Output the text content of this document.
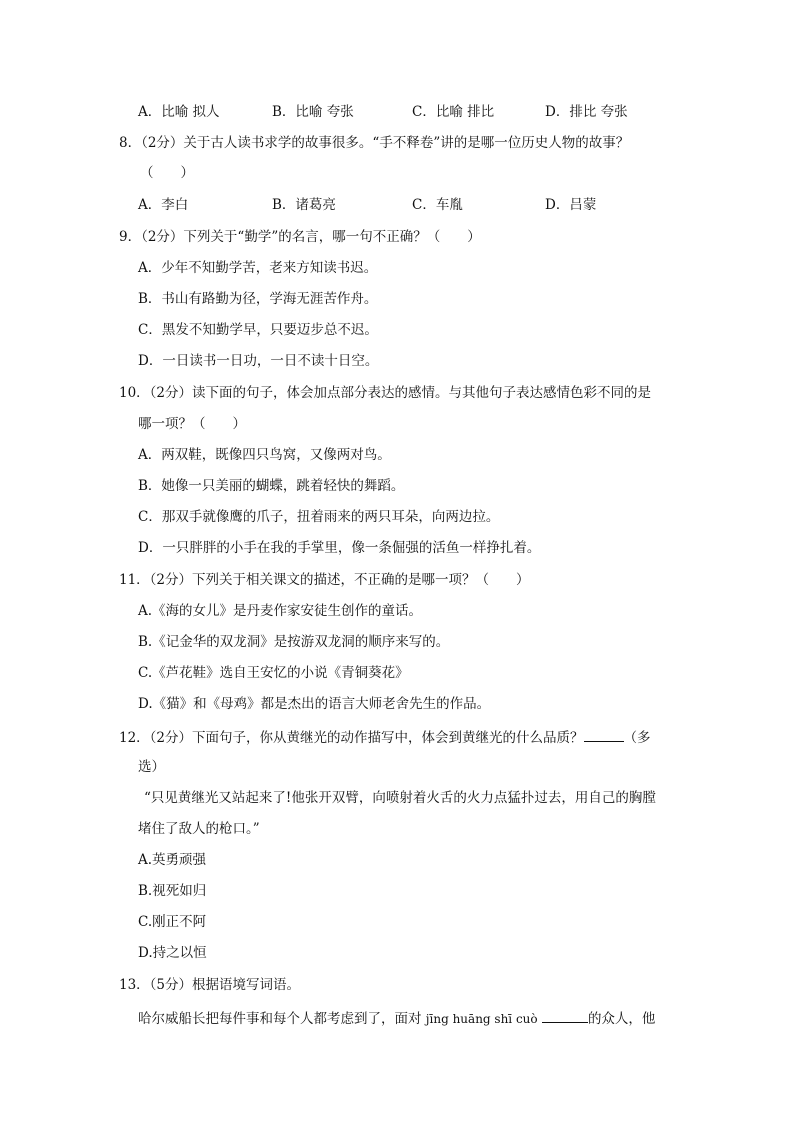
A．比喻 拟人	B．比喻 夸张	C．比喻 排比	D．排比 夸张
8．（2分）关于古人读书求学的故事很多。“手不释卷”讲的是哪一位历史人物的故事？
（　　）
A．李白	B．诸葛亮	C．车胤	D．吕蒙
9．（2分）下列关于“勤学”的名言，哪一句不正确？（　　）
A．少年不知勤学苦，老来方知读书迟。
B．书山有路勤为径，学海无涯苦作舟。
C．黑发不知勤学早，只要迈步总不迟。
D．一日读书一日功，一日不读十日空。
10．（2分）读下面的句子，体会加点部分表达的感情。与其他句子表达感情色彩不同的是
哪一项？（　　）
A．两双鞋，既像四只鸟窝，又像两对鸟。
B．她像一只美丽的蝴蝶，跳着轻快的舞蹈。
C．那双手就像鹰的爪子，扭着雨来的两只耳朵，向两边拉。
D．一只胖胖的小手在我的手掌里，像一条倔强的活鱼一样挣扎着。
11．（2分）下列关于相关课文的描述，不正确的是哪一项？（　　）
A.《海的女儿》是丹麦作家安徒生创作的童话。
B.《记金华的双龙洞》是按游双龙洞的顺序来写的。
C.《芦花鞋》选自王安忆的小说《青铜葵花》
D.《猫》和《母鸡》都是杰出的语言大师老舍先生的作品。
12．（2分）下面句子，你从黄继光的动作描写中，体会到黄继光的什么品质？	（多
选）
“只见黄继光又站起来了!他张开双臂，向喷射着火舌的火力点猛扑过去，用自己的胸膛
堵住了敌人的枪口。”
A.英勇顽强
B.视死如归
C.刚正不阿
D.持之以恒
13．（5分）根据语境写词语。
哈尔威船长把每件事和每个人都考虑到了，面对 jīng huāng shī cuò	的众人，他
